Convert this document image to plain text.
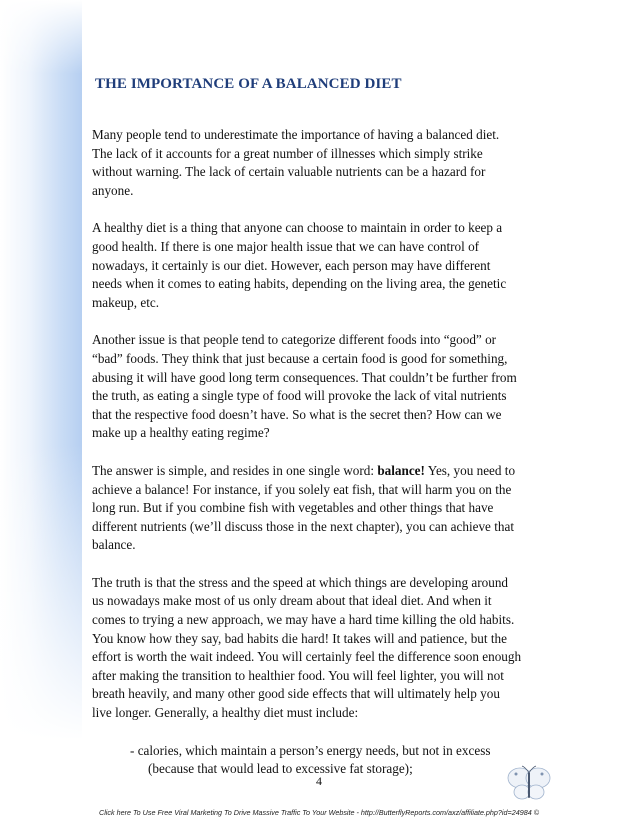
THE IMPORTANCE OF A BALANCED DIET

Many people tend to underestimate the importance of having a balanced diet. The lack of it accounts for a great number of illnesses which simply strike without warning. The lack of certain valuable nutrients can be a hazard for anyone.

A healthy diet is a thing that anyone can choose to maintain in order to keep a good health. If there is one major health issue that we can have control of nowadays, it certainly is our diet. However, each person may have different needs when it comes to eating habits, depending on the living area, the genetic makeup, etc.

Another issue is that people tend to categorize different foods into “good” or “bad” foods. They think that just because a certain food is good for something, abusing it will have good long term consequences. That couldn’t be further from the truth, as eating a single type of food will provoke the lack of vital nutrients that the respective food doesn’t have. So what is the secret then? How can we make up a healthy eating regime?

The answer is simple, and resides in one single word: balance! Yes, you need to achieve a balance! For instance, if you solely eat fish, that will harm you on the long run. But if you combine fish with vegetables and other things that have different nutrients (we’ll discuss those in the next chapter), you can achieve that balance.

The truth is that the stress and the speed at which things are developing around us nowadays make most of us only dream about that ideal diet. And when it comes to trying a new approach, we may have a hard time killing the old habits. You know how they say, bad habits die hard! It takes will and patience, but the effort is worth the wait indeed. You will certainly feel the difference soon enough after making the transition to healthier food. You will feel lighter, you will not breath heavily, and many other good side effects that will ultimately help you live longer. Generally, a healthy diet must include:

- calories, which maintain a person’s energy needs, but not in excess (because that would lead to excessive fat storage);

4
Click here To Use Free Viral Marketing To Drive Massive Traffic To Your Website - http://ButterflyReports.com/axz/affiliate.php?id=24984 ©
